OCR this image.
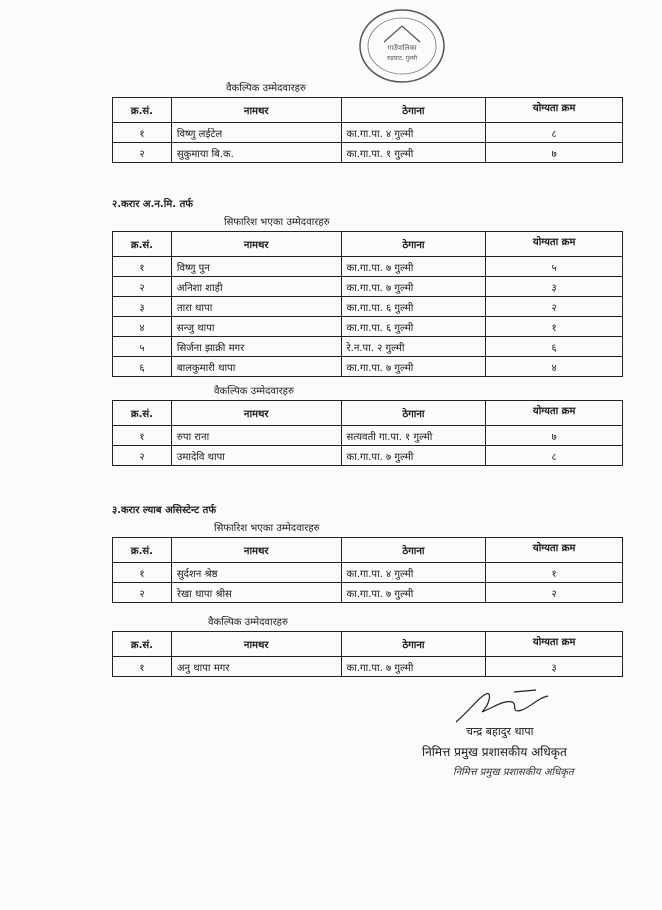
गाउँपालिका
रुद्रघाट, गुल्मी
वैकल्पिक उम्मेदवारहरु
क्र.सं.	नामथर	ठेगाना	योग्यता क्रम
१	विष्णु लईटेल	का.गा.पा. ४ गुल्मी	८
२	सुकुमाया बि.क.	का.गा.पा. १ गुल्मी	७
२.करार अ.न.मि. तर्फ
सिफारिश भएका उम्मेदवारहरु
क्र.सं.	नामथर	ठेगाना	योग्यता क्रम
१	विष्णु पुन	का.गा.पा. ७ गुल्मी	५
२	अनिशा शाही	का.गा.पा. ७ गुल्मी	३
३	तारा थापा	का.गा.पा. ६ गुल्मी	२
४	सन्जु थापा	का.गा.पा. ६ गुल्मी	१
५	सिर्जना झाक्री मगर	रे.न.पा. २ गुल्मी	६
६	बालकुमारी थापा	का.गा.पा. ७ गुल्मी	४
वैकल्पिक उम्मेदवारहरु
क्र.सं.	नामथर	ठेगाना	योग्यता क्रम
१	रुपा राना	सत्यवती गा.पा. १ गुल्मी	७
२	उमादेवि थापा	का.गा.पा. ७ गुल्मी	८
३.करार ल्याब असिस्टेन्ट तर्फ
सिफारिश भएका उम्मेदवारहरु
क्र.सं.	नामथर	ठेगाना	योग्यता क्रम
१	सुर्दशन श्रेष्ठ	का.गा.पा. ४ गुल्मी	१
२	रेखा थापा श्रीस	का.गा.पा. ७ गुल्मी	२
वैकल्पिक उम्मेदवारहरु
क्र.सं.	नामथर	ठेगाना	योग्यता क्रम
१	अनु थापा मगर	का.गा.पा. ७ गुल्मी	३
चन्द्र बहादुर थापा
निमित्त प्रमुख प्रशासकीय अधिकृत
निमित्त प्रमुख प्रशासकीय अधिकृत
